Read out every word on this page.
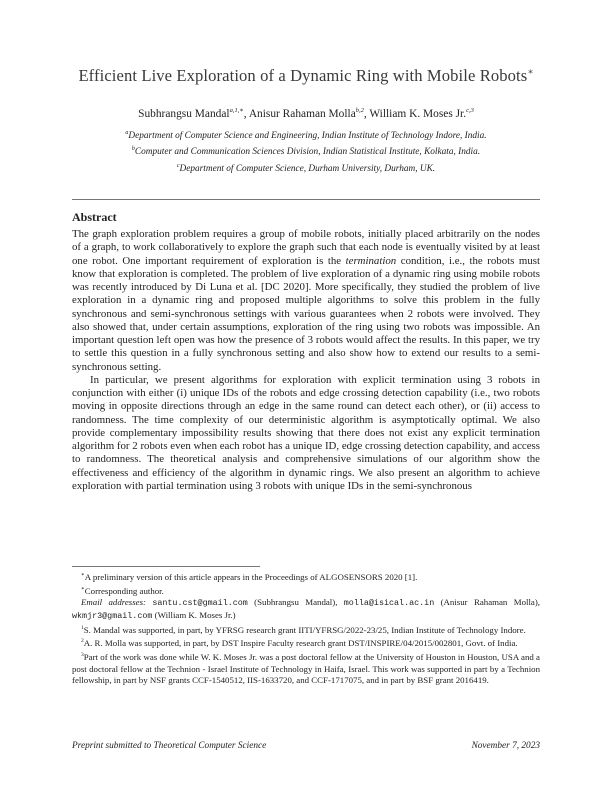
Efficient Live Exploration of a Dynamic Ring with Mobile Robots∗
Subhrangsu Mandal$^{a,1,∗}$, Anisur Rahaman Molla$^{b,2}$, William K. Moses Jr.$^{c,3}$
$^a$Department of Computer Science and Engineering, Indian Institute of Technology Indore, India.
$^b$Computer and Communication Sciences Division, Indian Statistical Institute, Kolkata, India.
$^c$Department of Computer Science, Durham University, Durham, UK.
Abstract

The graph exploration problem requires a group of mobile robots, initially placed arbitrarily on the nodes of a graph, to work collaboratively to explore the graph such that each node is eventually visited by at least one robot. One important requirement of exploration is the termination condition, i.e., the robots must know that exploration is completed. The problem of live exploration of a dynamic ring using mobile robots was recently introduced by Di Luna et al. [DC 2020]. More specifically, they studied the problem of live exploration in a dynamic ring and proposed multiple algorithms to solve this problem in the fully synchronous and semi-synchronous settings with various guarantees when 2 robots were involved. They also showed that, under certain assumptions, exploration of the ring using two robots was impossible. An important question left open was how the presence of 3 robots would affect the results. In this paper, we try to settle this question in a fully synchronous setting and also show how to extend our results to a semi-synchronous setting.

In particular, we present algorithms for exploration with explicit termination using 3 robots in conjunction with either (i) unique IDs of the robots and edge crossing detection capability (i.e., two robots moving in opposite directions through an edge in the same round can detect each other), or (ii) access to randomness. The time complexity of our deterministic algorithm is asymptotically optimal. We also provide complementary impossibility results showing that there does not exist any explicit termination algorithm for 2 robots even when each robot has a unique ID, edge crossing detection capability, and access to randomness. The theoretical analysis and comprehensive simulations of our algorithm show the effectiveness and efficiency of the algorithm in dynamic rings. We also present an algorithm to achieve exploration with partial termination using 3 robots with unique IDs in the semi-synchronous

∗A preliminary version of this article appears in the Proceedings of ALGOSENSORS 2020 [1].

∗Corresponding author.

Email addresses: santu.cst@gmail.com (Subhrangsu Mandal), molla@isical.ac.in (Anisur Rahaman Molla), wkmjr3@gmail.com (William K. Moses Jr.)

$^1$S. Mandal was supported, in part, by YFRSG research grant IITI/YFRSG/2022-23/25, Indian Institute of Technology Indore.

$^2$A. R. Molla was supported, in part, by DST Inspire Faculty research grant DST/INSPIRE/04/2015/002801, Govt. of India.

$^3$Part of the work was done while W. K. Moses Jr. was a post doctoral fellow at the University of Houston in Houston, USA and a post doctoral fellow at the Technion - Israel Institute of Technology in Haifa, Israel. This work was supported in part by a Technion fellowship, in part by NSF grants CCF-1540512, IIS-1633720, and CCF-1717075, and in part by BSF grant 2016419.

Preprint submitted to Theoretical Computer Science	November 7, 2023
